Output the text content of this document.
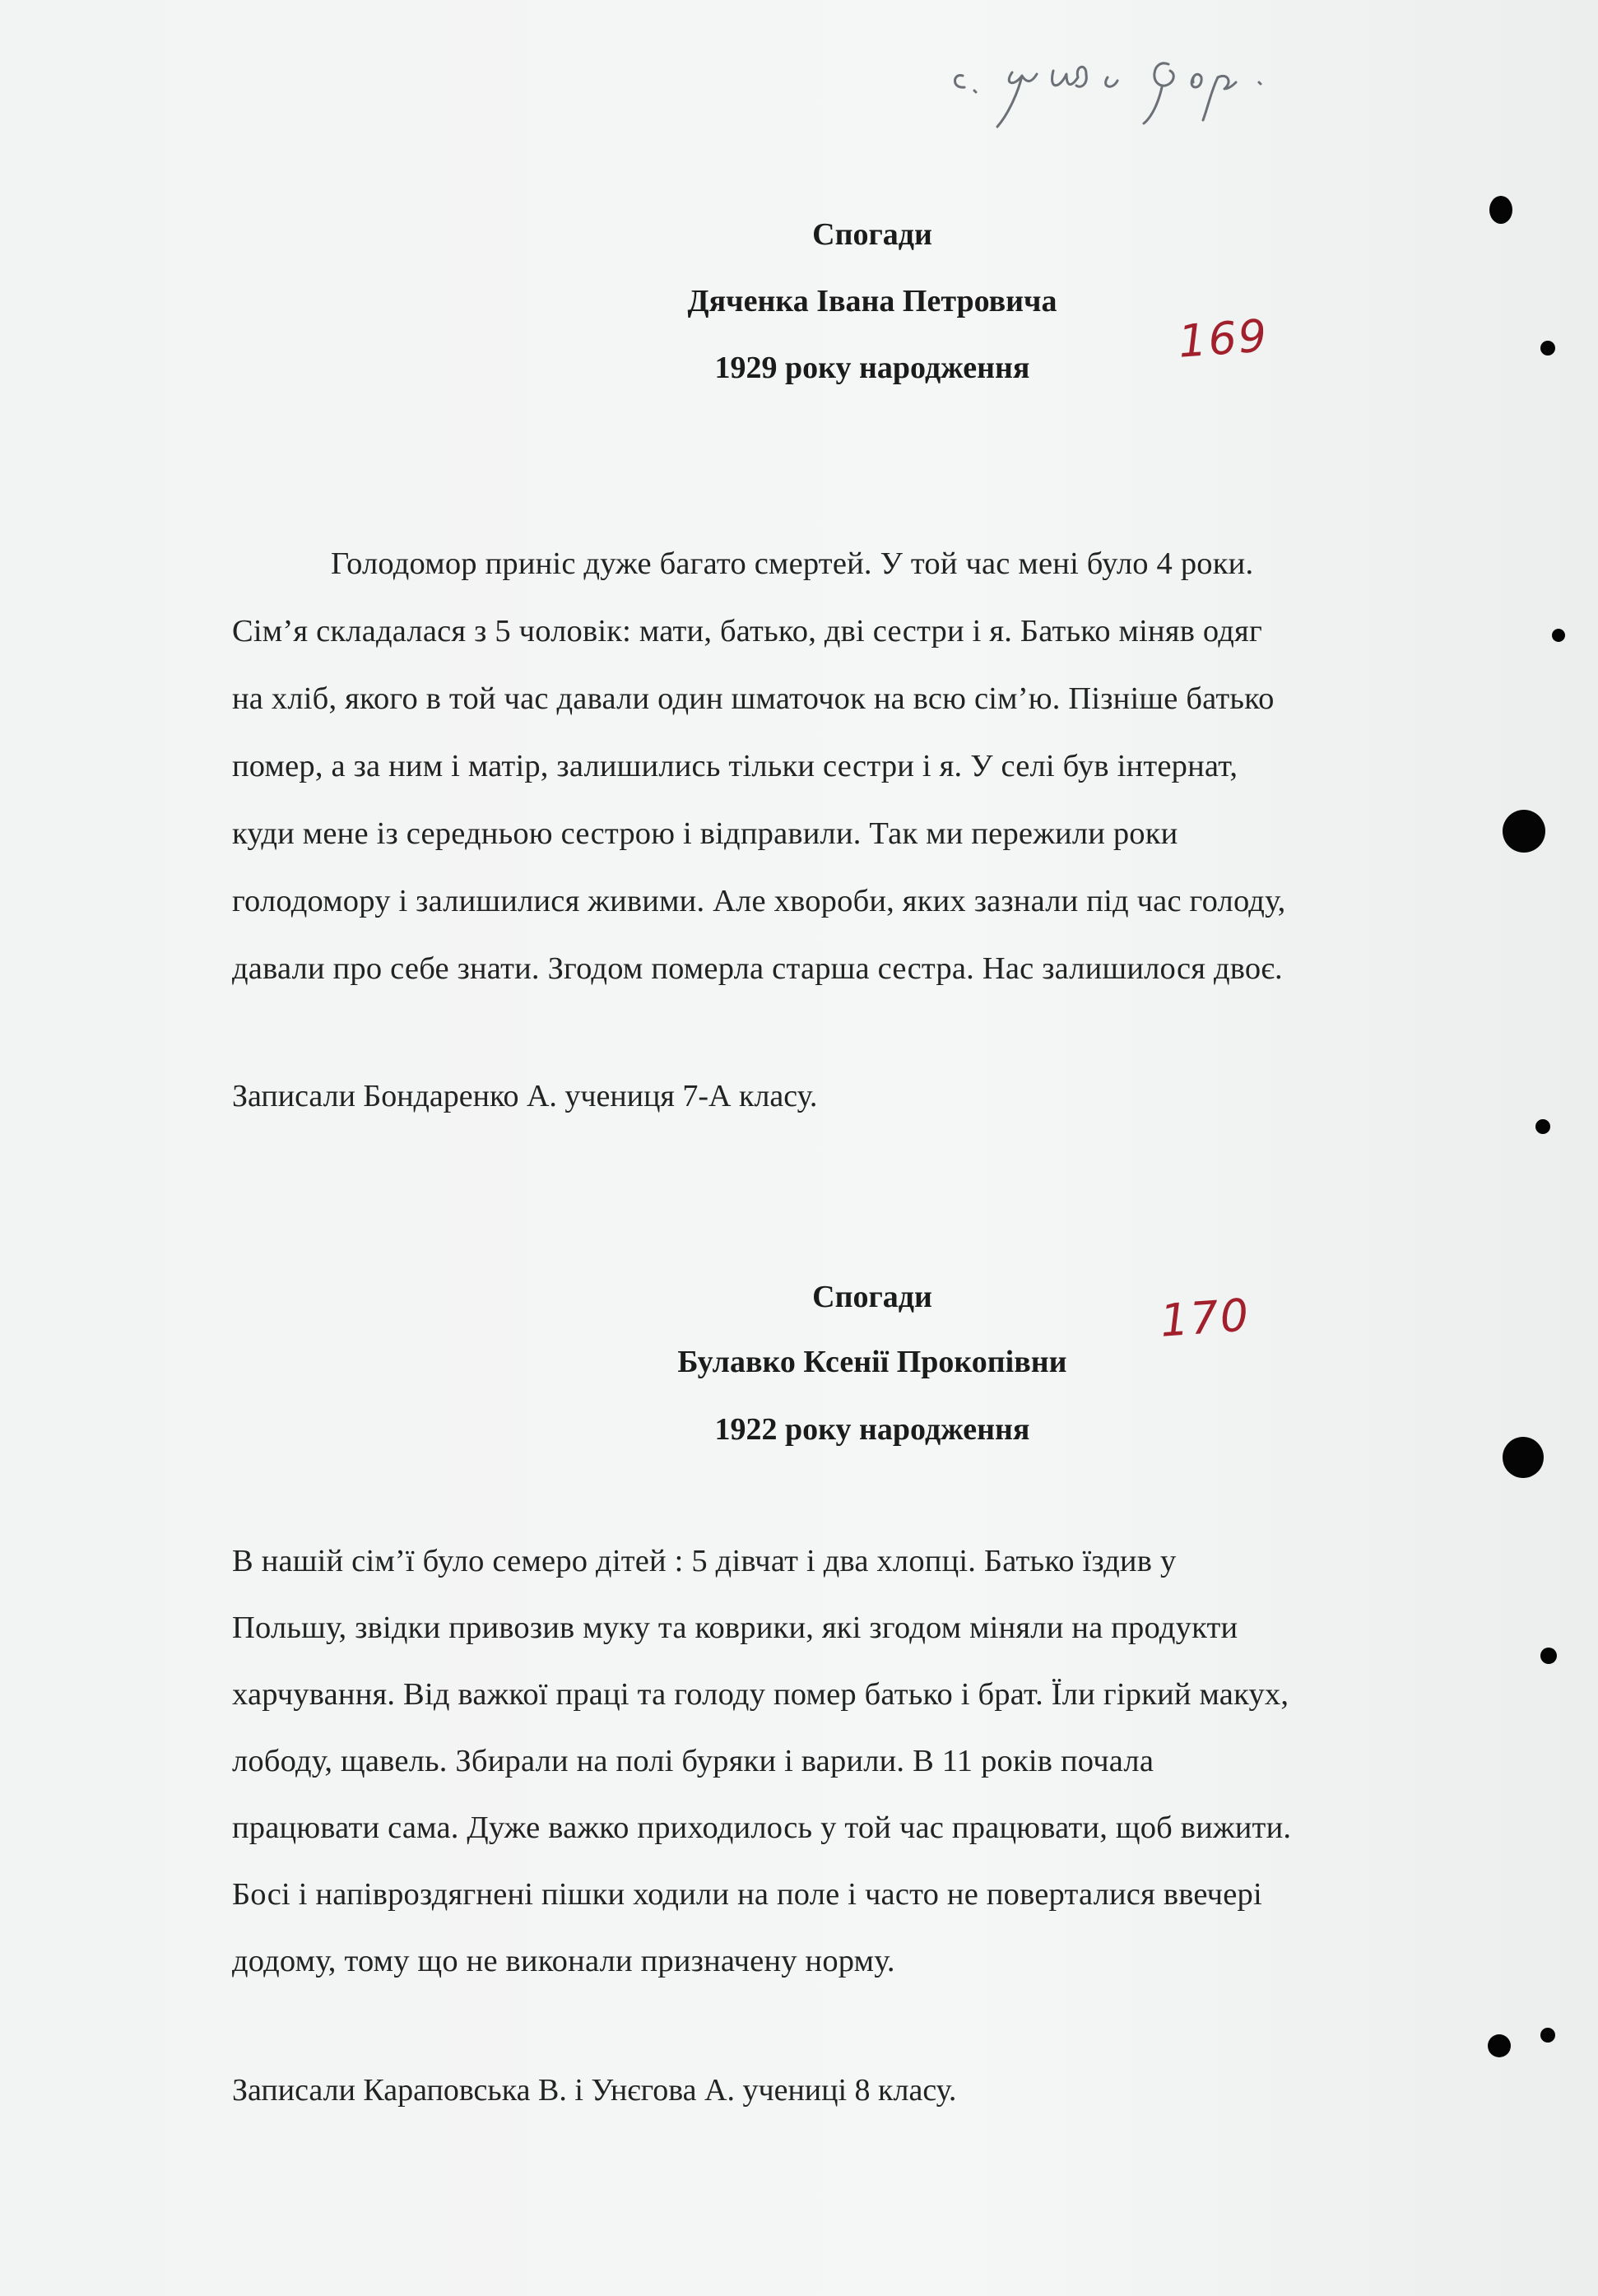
Спогади
Дяченка Івана Петровича
1929 року народження
169
Голодомор приніс дуже багато смертей. У той час мені було 4 роки.
Сім’я складалася з 5 чоловік: мати, батько, дві сестри і я. Батько міняв одяг
на хліб, якого в той час давали один шматочок на всю сім’ю. Пізніше батько
помер, а за ним і матір, залишились тільки сестри і я. У селі був інтернат,
куди мене із середньою сестрою і відправили. Так ми пережили роки
голодомору і залишилися живими. Але хвороби, яких зазнали під час голоду,
давали про себе знати. Згодом померла старша сестра. Нас залишилося двоє.
Записали Бондаренко А. учениця 7-А класу.
Спогади
Булавко Ксенії Прокопівни
1922 року народження
170
В нашій сім’ї було семеро дітей : 5 дівчат і два хлопці. Батько їздив у
Польшу, звідки привозив муку та коврики, які згодом міняли на продукти
харчування. Від важкої праці та голоду помер батько і брат. Їли гіркий макух,
лободу, щавель. Збирали на полі буряки і варили. В 11 років почала
працювати сама. Дуже важко приходилось у той час працювати, щоб вижити.
Босі і напівроздягнені пішки ходили на поле і часто не поверталися ввечері
додому, тому що не виконали призначену норму.
Записали Караповська В. і Унєгова А. учениці 8 класу.
